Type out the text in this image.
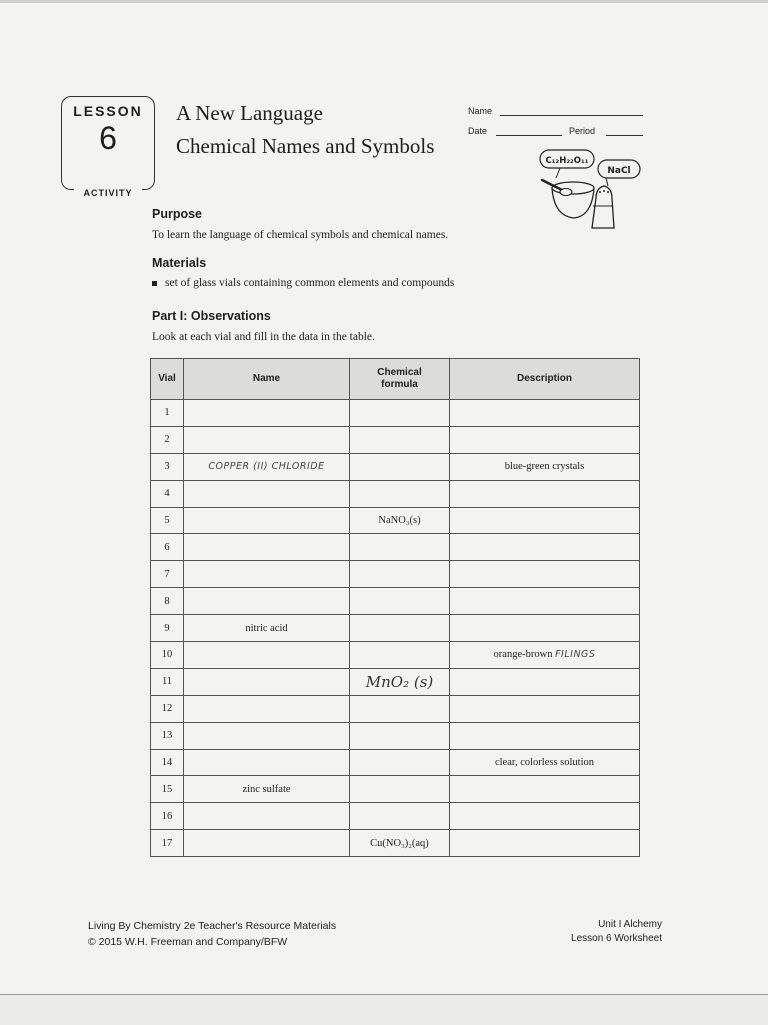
LESSON
6
ACTIVITY
A New Language
Chemical Names and Symbols
Name
Date	Period
C₁₂H₂₂O₁₁
NaCl
Purpose
To learn the language of chemical symbols and chemical names.
Materials
set of glass vials containing common elements and compounds
Part I: Observations
Look at each vial and fill in the data in the table.
Vial	Name	Chemical formula	Description
1			
2			
3	COPPER (II) CHLORIDE		blue-green crystals
4			
5		NaNO₃(s)	
6			
7			
8			
9	nitric acid		
10			orange-brown FILINGS
11		MnO₂ (s)	
12			
13			
14			clear, colorless solution
15	zinc sulfate		
16			
17		Cu(NO₃)₂(aq)	
Living By Chemistry 2e Teacher's Resource Materials
© 2015 W.H. Freeman and Company/BFW
Unit I Alchemy
Lesson 6 Worksheet
